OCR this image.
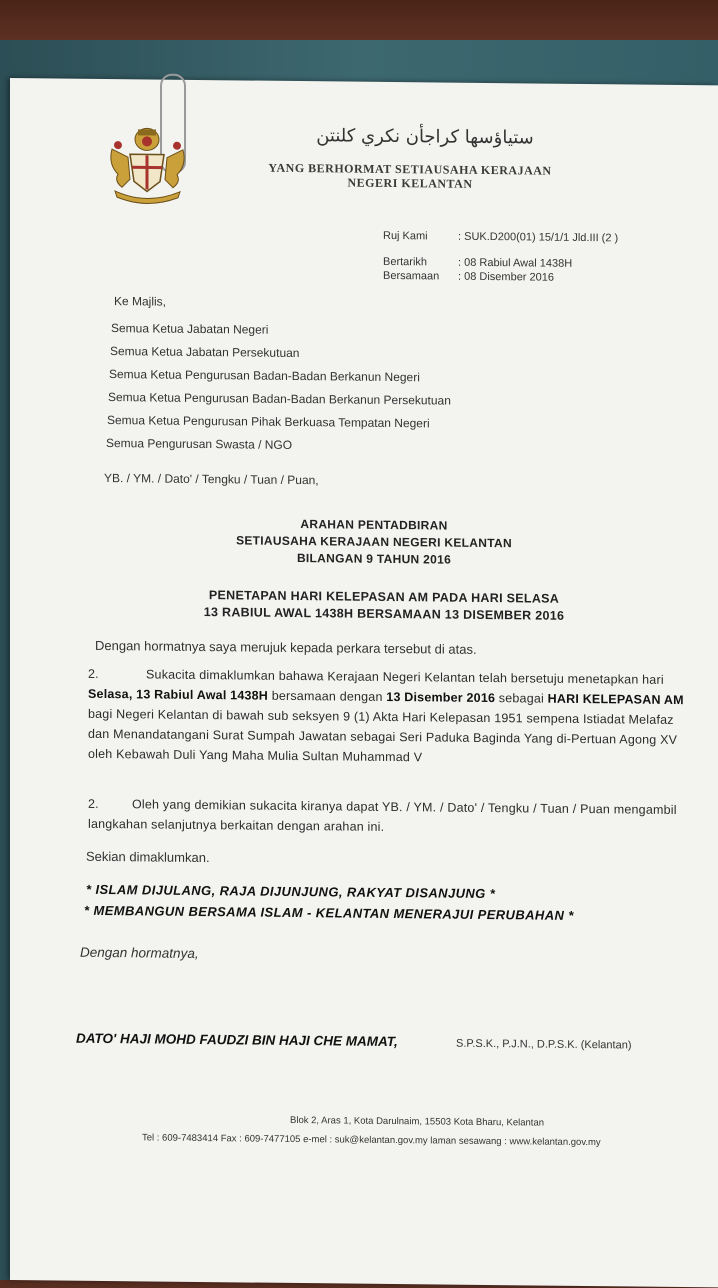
ستياؤسها كراجأن نكري كلنتن
YANG BERHORMAT SETIAUSAHA KERAJAAN
NEGERI KELANTAN
Ruj Kami	: SUK.D200(01) 15/1/1 Jld.III (2 )
Bertarikh	: 08 Rabiul Awal 1438H
Bersamaan : 08 Disember 2016
Ke Majlis,
Semua Ketua Jabatan Negeri
Semua Ketua Jabatan Persekutuan
Semua Ketua Pengurusan Badan-Badan Berkanun Negeri
Semua Ketua Pengurusan Badan-Badan Berkanun Persekutuan
Semua Ketua Pengurusan Pihak Berkuasa Tempatan Negeri
Semua Pengurusan Swasta / NGO
YB. / YM. / Dato' / Tengku / Tuan / Puan,
ARAHAN PENTADBIRAN
SETIAUSAHA KERAJAAN NEGERI KELANTAN
BILANGAN 9 TAHUN 2016
PENETAPAN HARI KELEPASAN AM PADA HARI SELASA
13 RABIUL AWAL 1438H BERSAMAAN 13 DISEMBER 2016
Dengan hormatnya saya merujuk kepada perkara tersebut di atas.
2.	Sukacita dimaklumkan bahawa Kerajaan Negeri Kelantan telah bersetuju menetapkan hari Selasa, 13 Rabiul Awal 1438H bersamaan dengan 13 Disember 2016 sebagai HARI KELEPASAN AM bagi Negeri Kelantan di bawah sub seksyen 9 (1) Akta Hari Kelepasan 1951 sempena Istiadat Melafaz dan Menandatangani Surat Sumpah Jawatan sebagai Seri Paduka Baginda Yang di-Pertuan Agong XV oleh Kebawah Duli Yang Maha Mulia Sultan Muhammad V
2.	Oleh yang demikian sukacita kiranya dapat YB. / YM. / Dato' / Tengku / Tuan / Puan mengambil langkahan selanjutnya berkaitan dengan arahan ini.
Sekian dimaklumkan.
* ISLAM DIJULANG, RAJA DIJUNJUNG, RAKYAT DISANJUNG *
* MEMBANGUN BERSAMA ISLAM - KELANTAN MENERAJUI PERUBAHAN *
Dengan hormatnya,
DATO' HAJI MOHD FAUDZI BIN HAJI CHE MAMAT,	S.P.S.K., P.J.N., D.P.S.K. (Kelantan)
Blok 2, Aras 1, Kota Darulnaim, 15503 Kota Bharu, Kelantan
Tel : 609-7483414 Fax : 609-7477105 e-mel : suk@kelantan.gov.my laman sesawang : www.kelantan.gov.my
